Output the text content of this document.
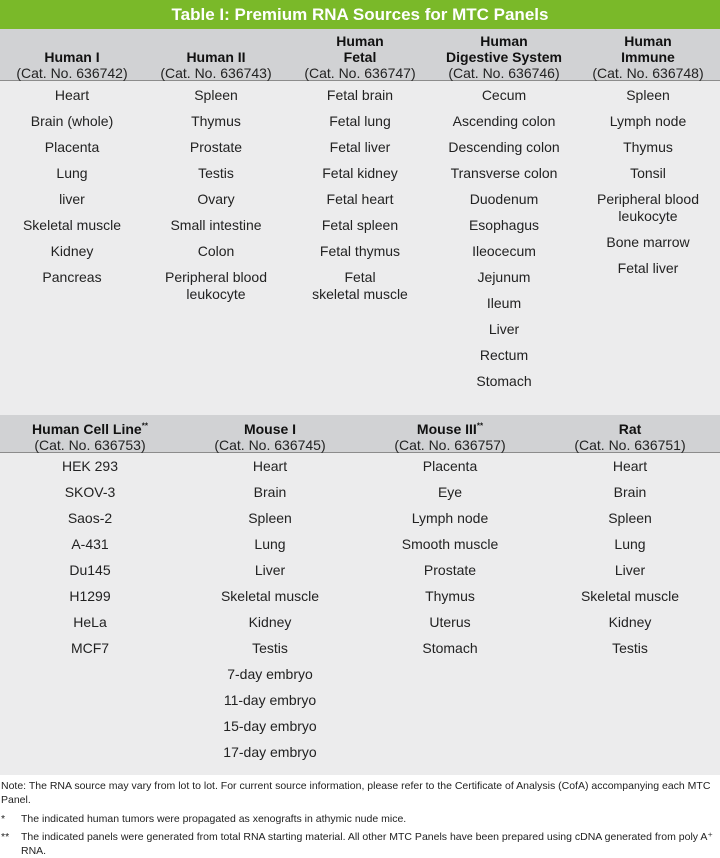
Table I: Premium RNA Sources for MTC Panels
Human I
(Cat. No. 636742)
Heart
Brain (whole)
Placenta
Lung
liver
Skeletal muscle
Kidney
Pancreas
Human II
(Cat. No. 636743)
Spleen
Thymus
Prostate
Testis
Ovary
Small intestine
Colon
Peripheral blood
leukocyte
Human
Fetal
(Cat. No. 636747)
Fetal brain
Fetal lung
Fetal liver
Fetal kidney
Fetal heart
Fetal spleen
Fetal thymus
Fetal
skeletal muscle
Human
Digestive System
(Cat. No. 636746)
Cecum
Ascending colon
Descending colon
Transverse colon
Duodenum
Esophagus
Ileocecum
Jejunum
Ileum
Liver
Rectum
Stomach
Human
Immune
(Cat. No. 636748)
Spleen
Lymph node
Thymus
Tonsil
Peripheral blood
leukocyte
Bone marrow
Fetal liver
Human Cell Line**
(Cat. No. 636753)
HEK 293
SKOV-3
Saos-2
A-431
Du145
H1299
HeLa
MCF7
Mouse I
(Cat. No. 636745)
Heart
Brain
Spleen
Lung
Liver
Skeletal muscle
Kidney
Testis
7-day embryo
11-day embryo
15-day embryo
17-day embryo
Mouse III**
(Cat. No. 636757)
Placenta
Eye
Lymph node
Smooth muscle
Prostate
Thymus
Uterus
Stomach
Rat
(Cat. No. 636751)
Heart
Brain
Spleen
Lung
Liver
Skeletal muscle
Kidney
Testis
Note: The RNA source may vary from lot to lot. For current source information, please refer to the Certificate of Analysis (CofA) accompanying each MTC Panel.
* The indicated human tumors were propagated as xenografts in athymic nude mice.
** The indicated panels were generated from total RNA starting material. All other MTC Panels have been prepared using cDNA generated from poly A⁺ RNA.
